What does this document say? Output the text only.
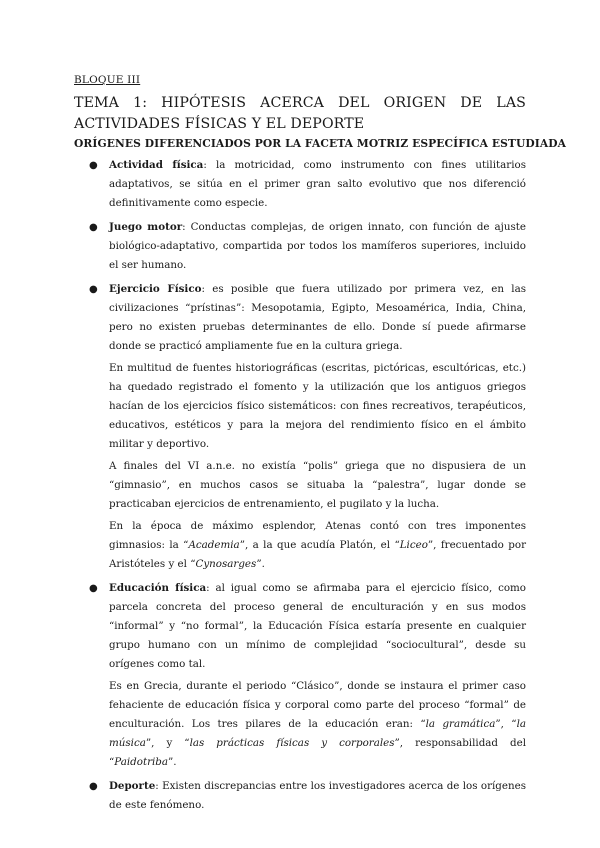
BLOQUE III
TEMA 1: HIPÓTESIS ACERCA DEL ORIGEN DE LAS ACTIVIDADES FÍSICAS Y EL DEPORTE
ORÍGENES DIFERENCIADOS POR LA FACETA MOTRIZ ESPECÍFICA ESTUDIADA
● Actividad física: la motricidad, como instrumento con fines utilitarios adaptativos, se sitúa en el primer gran salto evolutivo que nos diferenció definitivamente como especie.

● Juego motor: Conductas complejas, de origen innato, con función de ajuste biológico-adaptativo, compartida por todos los mamíferos superiores, incluido el ser humano.

● Ejercicio Físico: es posible que fuera utilizado por primera vez, en las civilizaciones “prístinas”: Mesopotamia, Egipto, Mesoamérica, India, China, pero no existen pruebas determinantes de ello. Donde sí puede afirmarse donde se practicó ampliamente fue en la cultura griega.

En multitud de fuentes historiográficas (escritas, pictóricas, escultóricas, etc.) ha quedado registrado el fomento y la utilización que los antiguos griegos hacían de los ejercicios físico sistemáticos: con fines recreativos, terapéuticos, educativos, estéticos y para la mejora del rendimiento físico en el ámbito militar y deportivo.

A finales del VI a.n.e. no existía “polis” griega que no dispusiera de un “gimnasio”, en muchos casos se situaba la “palestra”, lugar donde se practicaban ejercicios de entrenamiento, el pugilato y la lucha.

En la época de máximo esplendor, Atenas contó con tres imponentes gimnasios: la “Academia”, a la que acudía Platón, el “Liceo”, frecuentado por Aristóteles y el “Cynosarges”.

● Educación física: al igual como se afirmaba para el ejercicio físico, como parcela concreta del proceso general de enculturación y en sus modos “informal” y “no formal”, la Educación Física estaría presente en cualquier grupo humano con un mínimo de complejidad “sociocultural”, desde su orígenes como tal.

Es en Grecia, durante el periodo “Clásico”, donde se instaura el primer caso fehaciente de educación física y corporal como parte del proceso “formal” de enculturación. Los tres pilares de la educación eran: “la gramática”, “la música”, y “las prácticas físicas y corporales”, responsabilidad del “Paidotriba”.

● Deporte: Existen discrepancias entre los investigadores acerca de los orígenes de este fenómeno.
